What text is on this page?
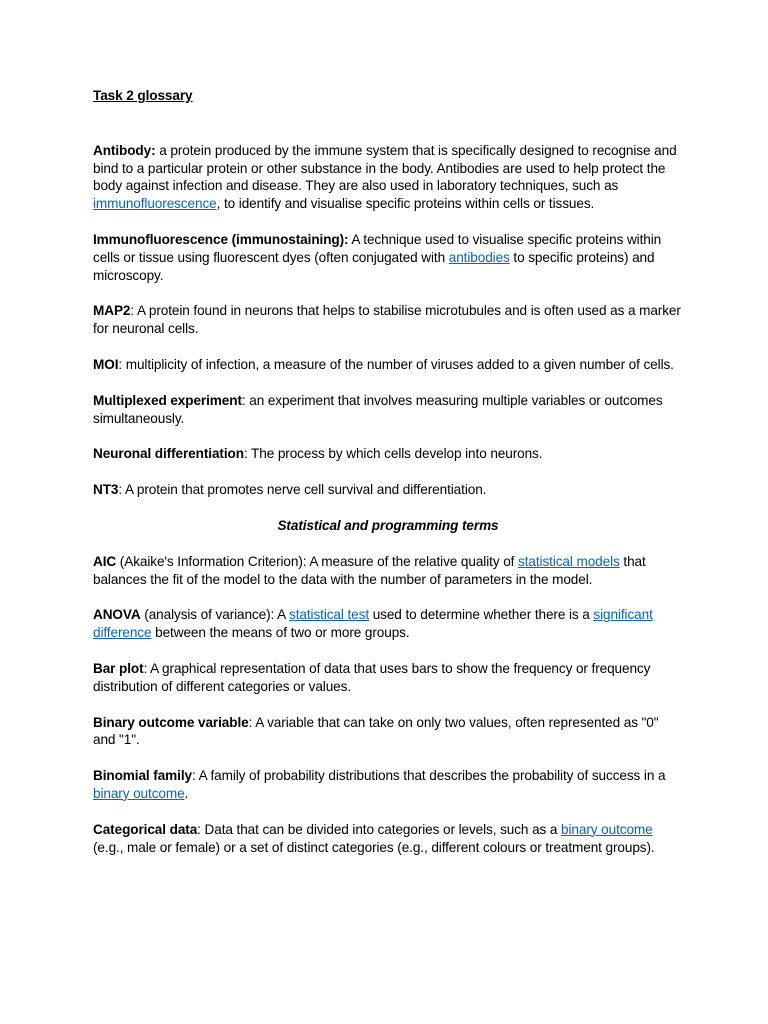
Task 2 glossary
Antibody: a protein produced by the immune system that is specifically designed to recognise and bind to a particular protein or other substance in the body. Antibodies are used to help protect the body against infection and disease. They are also used in laboratory techniques, such as immunofluorescence, to identify and visualise specific proteins within cells or tissues.
Immunofluorescence (immunostaining): A technique used to visualise specific proteins within cells or tissue using fluorescent dyes (often conjugated with antibodies to specific proteins) and microscopy.
MAP2: A protein found in neurons that helps to stabilise microtubules and is often used as a marker for neuronal cells.
MOI: multiplicity of infection, a measure of the number of viruses added to a given number of cells.
Multiplexed experiment: an experiment that involves measuring multiple variables or outcomes simultaneously.
Neuronal differentiation: The process by which cells develop into neurons.
NT3: A protein that promotes nerve cell survival and differentiation.
Statistical and programming terms
AIC (Akaike's Information Criterion): A measure of the relative quality of statistical models that balances the fit of the model to the data with the number of parameters in the model.
ANOVA (analysis of variance): A statistical test used to determine whether there is a significant difference between the means of two or more groups.
Bar plot: A graphical representation of data that uses bars to show the frequency or frequency distribution of different categories or values.
Binary outcome variable: A variable that can take on only two values, often represented as "0" and "1".
Binomial family: A family of probability distributions that describes the probability of success in a binary outcome.
Categorical data: Data that can be divided into categories or levels, such as a binary outcome (e.g., male or female) or a set of distinct categories (e.g., different colours or treatment groups).
